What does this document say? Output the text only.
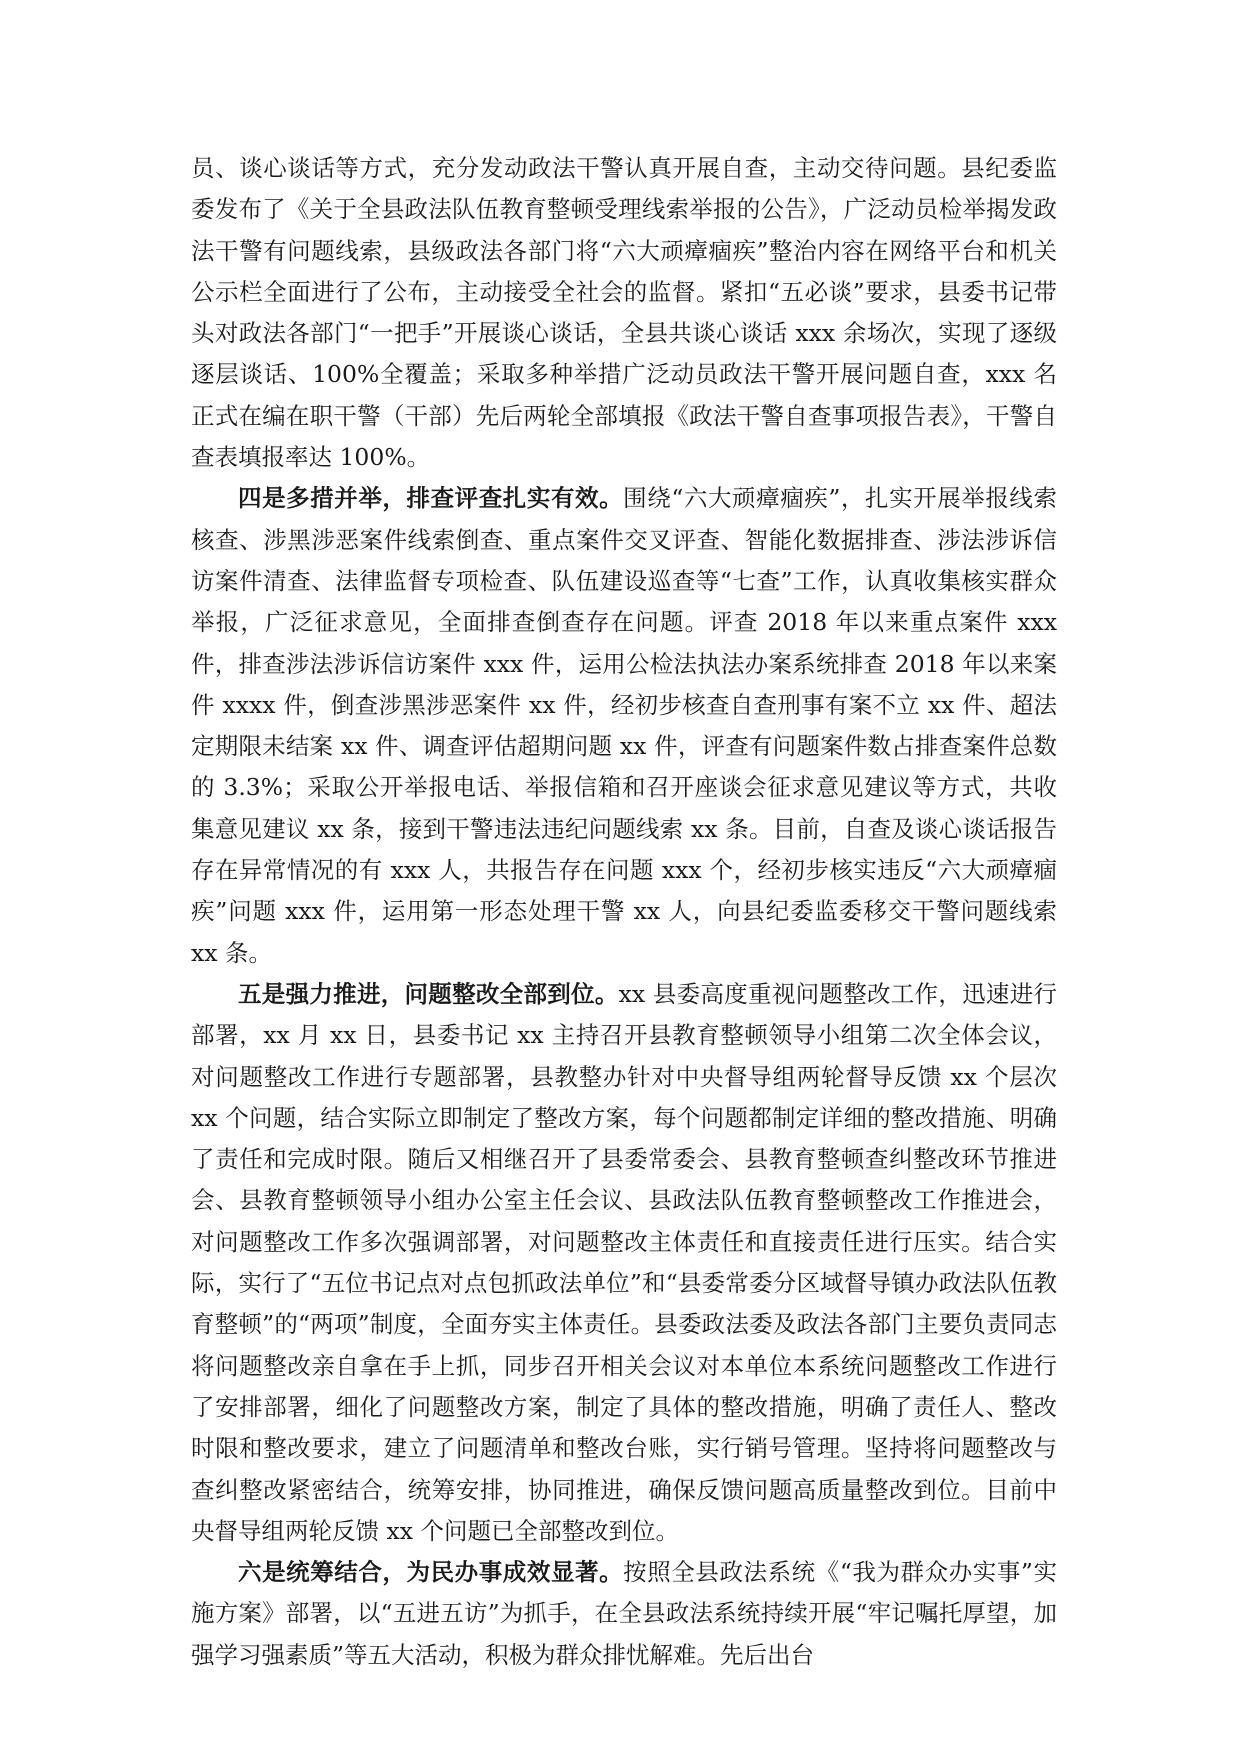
员、谈心谈话等方式，充分发动政法干警认真开展自查，主动交待问题。县纪委监委发布了《关于全县政法队伍教育整顿受理线索举报的公告》，广泛动员检举揭发政法干警有问题线索，县级政法各部门将“六大顽瘴痼疾”整治内容在网络平台和机关公示栏全面进行了公布，主动接受全社会的监督。紧扣“五必谈”要求，县委书记带头对政法各部门“一把手”开展谈心谈话，全县共谈心谈话 xxx 余场次，实现了逐级逐层谈话、100%全覆盖；采取多种举措广泛动员政法干警开展问题自查，xxx 名正式在编在职干警（干部）先后两轮全部填报《政法干警自查事项报告表》，干警自查表填报率达 100%。

四是多措并举，排查评查扎实有效。围绕“六大顽瘴痼疾”，扎实开展举报线索核查、涉黑涉恶案件线索倒查、重点案件交叉评查、智能化数据排查、涉法涉诉信访案件清查、法律监督专项检查、队伍建设巡查等“七查”工作，认真收集核实群众举报，广泛征求意见，全面排查倒查存在问题。评查 2018 年以来重点案件 xxx 件，排查涉法涉诉信访案件 xxx 件，运用公检法执法办案系统排查 2018 年以来案件 xxxx 件，倒查涉黑涉恶案件 xx 件，经初步核查自查刑事有案不立 xx 件、超法定期限未结案 xx 件、调查评估超期问题 xx 件，评查有问题案件数占排查案件总数的 3.3%；采取公开举报电话、举报信箱和召开座谈会征求意见建议等方式，共收集意见建议 xx 条，接到干警违法违纪问题线索 xx 条。目前，自查及谈心谈话报告存在异常情况的有 xxx 人，共报告存在问题 xxx 个，经初步核实违反“六大顽瘴痼疾”问题 xxx 件，运用第一形态处理干警 xx 人，向县纪委监委移交干警问题线索 xx 条。

五是强力推进，问题整改全部到位。xx 县委高度重视问题整改工作，迅速进行部署，xx 月 xx 日，县委书记 xx 主持召开县教育整顿领导小组第二次全体会议，对问题整改工作进行专题部署，县教整办针对中央督导组两轮督导反馈 xx 个层次 xx 个问题，结合实际立即制定了整改方案，每个问题都制定详细的整改措施、明确了责任和完成时限。随后又相继召开了县委常委会、县教育整顿查纠整改环节推进会、县教育整顿领导小组办公室主任会议、县政法队伍教育整顿整改工作推进会，对问题整改工作多次强调部署，对问题整改主体责任和直接责任进行压实。结合实际，实行了“五位书记点对点包抓政法单位”和“县委常委分区域督导镇办政法队伍教育整顿”的“两项”制度，全面夯实主体责任。县委政法委及政法各部门主要负责同志将问题整改亲自拿在手上抓，同步召开相关会议对本单位本系统问题整改工作进行了安排部署，细化了问题整改方案，制定了具体的整改措施，明确了责任人、整改时限和整改要求，建立了问题清单和整改台账，实行销号管理。坚持将问题整改与查纠整改紧密结合，统筹安排，协同推进，确保反馈问题高质量整改到位。目前中央督导组两轮反馈 xx 个问题已全部整改到位。

六是统筹结合，为民办事成效显著。按照全县政法系统《“我为群众办实事”实施方案》部署，以“五进五访”为抓手，在全县政法系统持续开展“牢记嘱托厚望，加强学习强素质”等五大活动，积极为群众排忧解难。先后出台
